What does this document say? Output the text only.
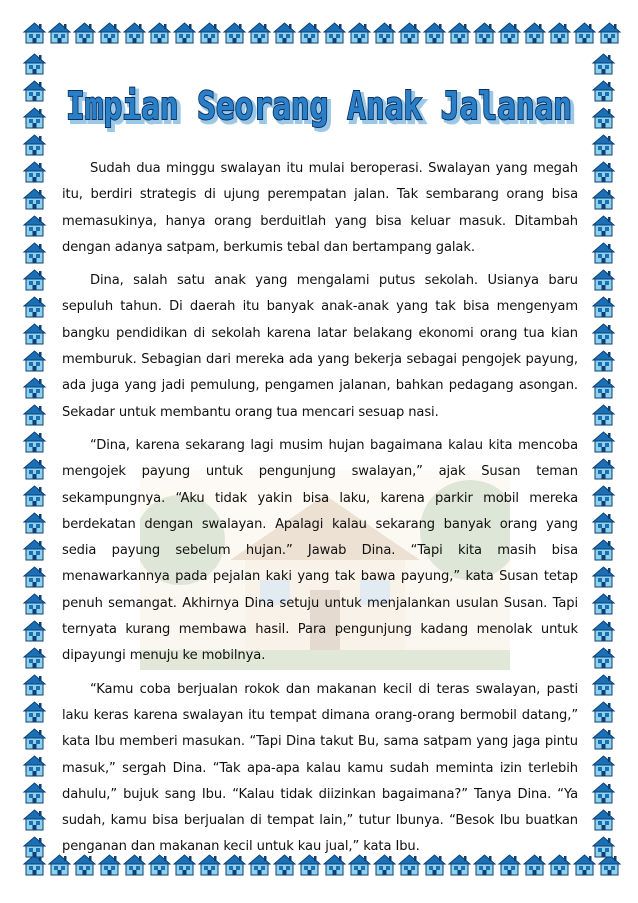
Impian Seorang Anak Jalanan
Impian Seorang Anak Jalanan

Sudah dua minggu swalayan itu mulai beroperasi. Swalayan yang megah itu, berdiri strategis di ujung perempatan jalan. Tak sembarang orang bisa memasukinya, hanya orang berduitlah yang bisa keluar masuk. Ditambah dengan adanya satpam, berkumis tebal dan bertampang galak.

Dina, salah satu anak yang mengalami putus sekolah. Usianya baru sepuluh tahun. Di daerah itu banyak anak-anak yang tak bisa mengenyam bangku pendidikan di sekolah karena latar belakang ekonomi orang tua kian memburuk. Sebagian dari mereka ada yang bekerja sebagai pengojek payung, ada juga yang jadi pemulung, pengamen jalanan, bahkan pedagang asongan. Sekadar untuk membantu orang tua mencari sesuap nasi.

“Dina, karena sekarang lagi musim hujan bagaimana kalau kita mencoba mengojek payung untuk pengunjung swalayan,” ajak Susan teman sekampungnya. “Aku tidak yakin bisa laku, karena parkir mobil mereka berdekatan dengan swalayan. Apalagi kalau sekarang banyak orang yang sedia payung sebelum hujan.” Jawab Dina. “Tapi kita masih bisa menawarkannya pada pejalan kaki yang tak bawa payung,” kata Susan tetap penuh semangat. Akhirnya Dina setuju untuk menjalankan usulan Susan. Tapi ternyata kurang membawa hasil. Para pengunjung kadang menolak untuk dipayungi menuju ke mobilnya.

“Kamu coba berjualan rokok dan makanan kecil di teras swalayan, pasti laku keras karena swalayan itu tempat dimana orang-orang bermobil datang,” kata Ibu memberi masukan. “Tapi Dina takut Bu, sama satpam yang jaga pintu masuk,” sergah Dina. “Tak apa-apa kalau kamu sudah meminta izin terlebih dahulu,” bujuk sang Ibu. “Kalau tidak diizinkan bagaimana?” Tanya Dina. “Ya sudah, kamu bisa berjualan di tempat lain,” tutur Ibunya. “Besok Ibu buatkan penganan dan makanan kecil untuk kau jual,” kata Ibu.
